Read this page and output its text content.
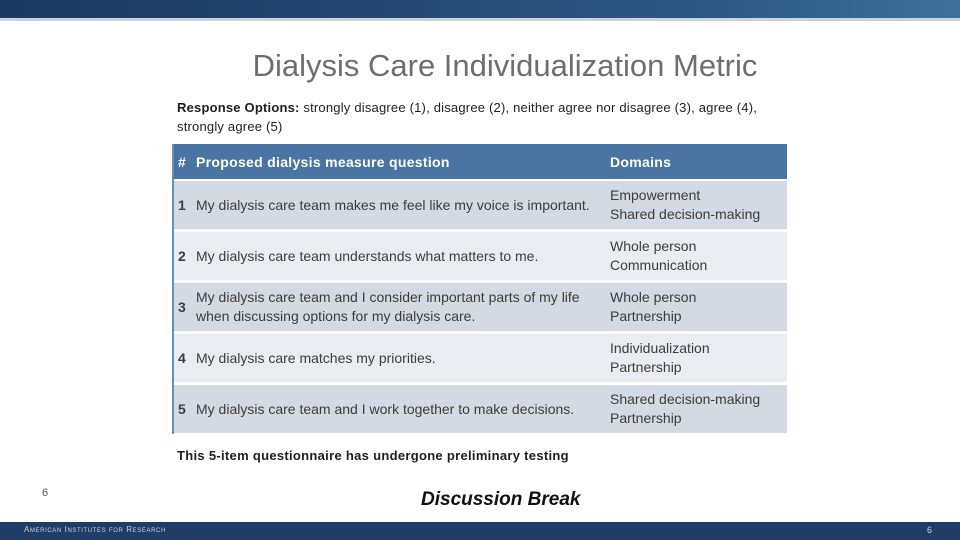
Dialysis Care Individualization Metric
Response Options: strongly disagree (1), disagree (2), neither agree nor disagree (3), agree (4), strongly agree (5)
#	Proposed dialysis measure question	Domains
1	My dialysis care team makes me feel like my voice is important.	Empowerment
Shared decision-making

2	My dialysis care team understands what matters to me.	Whole person
Communication

3	My dialysis care team and I consider important parts of my life when discussing options for my dialysis care.	Whole person
Partnership

4	My dialysis care matches my priorities.	Individualization
Partnership

5	My dialysis care team and I work together to make decisions.	Shared decision-making
Partnership
This 5-item questionnaire has undergone preliminary testing
6	Discussion Break
American Institutes for Research	6
